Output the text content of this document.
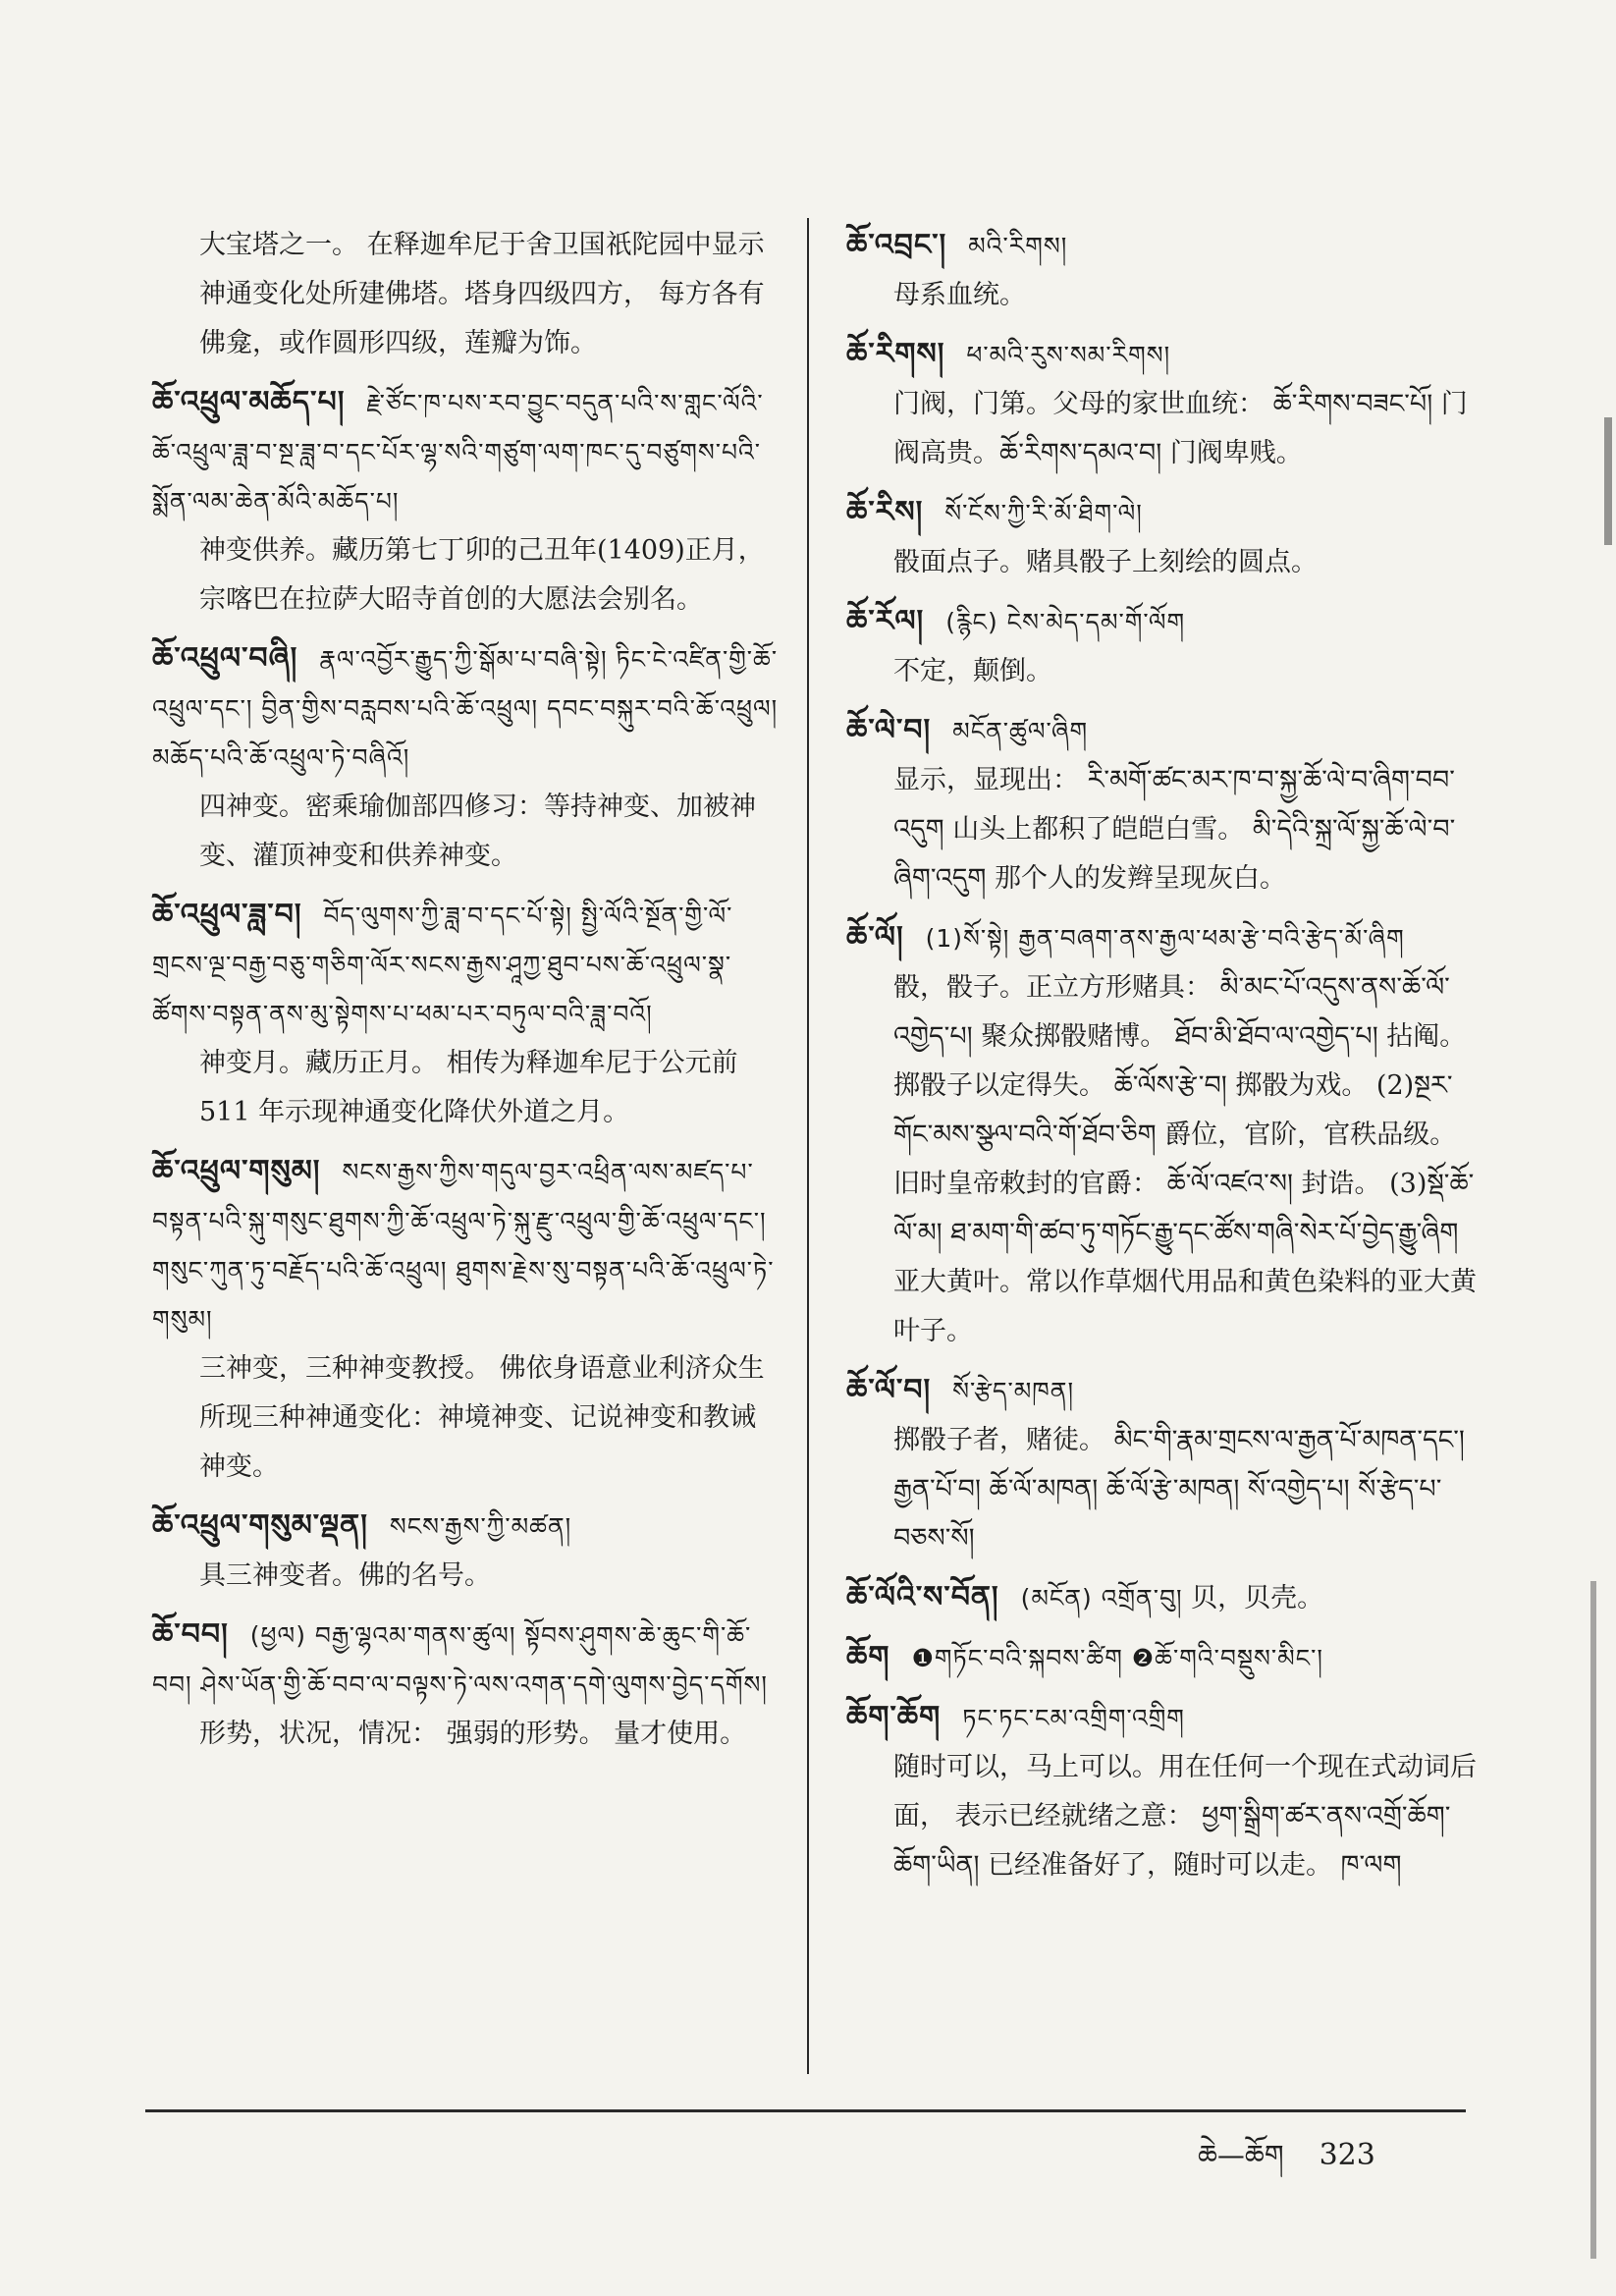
大宝塔之一。 在释迦牟尼于舍卫国祇陀园中显示神通变化处所建佛塔。塔身四级四方， 每方各有佛龛，或作圆形四级，莲瓣为饰。

ཆོ་འཕྲུལ་མཆོད་པ། རྗེ་ཙོང་ཁ་པས་རབ་བྱུང་བདུན་པའི་ས་གླང་ལོའི་ཆོ་འཕྲུལ་ཟླ་བ་སྔ་ཟླ་བ་དང་པོར་ལྷ་སའི་གཙུག་ལག་ཁང་དུ་བཙུགས་པའི་སྨོན་ལམ་ཆེན་མོའི་མཆོད་པ།
神变供养。藏历第七丁卯的己丑年(1409)正月， 宗喀巴在拉萨大昭寺首创的大愿法会别名。
ཆོ་འཕྲུལ་བཞི། རྣལ་འབྱོར་རྒྱུད་ཀྱི་སྒོམ་པ་བཞི་སྟེ། ཏིང་ངེ་འཛིན་གྱི་ཆོ་འཕྲུལ་དང་། བྱིན་གྱིས་བརླབས་པའི་ཆོ་འཕྲུལ། དབང་བསྐུར་བའི་ཆོ་འཕྲུལ། མཆོད་པའི་ཆོ་འཕྲུལ་ཏེ་བཞིའོ།
四神变。密乘瑜伽部四修习：等持神变、加被神变、灌顶神变和供养神变。
ཆོ་འཕྲུལ་ཟླ་བ། བོད་ལུགས་ཀྱི་ཟླ་བ་དང་པོ་སྟེ། སྤྱི་ལོའི་སྔོན་གྱི་ལོ་གྲངས་ལྔ་བརྒྱ་བཅུ་གཅིག་ལོར་སངས་རྒྱས་ཤཱཀྱ་ཐུབ་པས་ཆོ་འཕྲུལ་སྣ་ཚོགས་བསྟན་ནས་མུ་སྟེགས་པ་ཕམ་པར་བཏུལ་བའི་ཟླ་བའོ།
神变月。藏历正月。 相传为释迦牟尼于公元前511 年示现神通变化降伏外道之月。
ཆོ་འཕྲུལ་གསུམ། སངས་རྒྱས་ཀྱིས་གདུལ་བྱར་འཕྲིན་ལས་མཛད་པ་བསྟན་པའི་སྐུ་གསུང་ཐུགས་ཀྱི་ཆོ་འཕྲུལ་ཏེ་སྐུ་རྫུ་འཕྲུལ་གྱི་ཆོ་འཕྲུལ་དང་། གསུང་ཀུན་ཏུ་བརྗོད་པའི་ཆོ་འཕྲུལ། ཐུགས་རྗེས་སུ་བསྟན་པའི་ཆོ་འཕྲུལ་ཏེ་གསུམ།
三神变，三种神变教授。 佛依身语意业利济众生所现三种神通变化：神境神变、记说神变和教诫神变。
ཆོ་འཕྲུལ་གསུམ་ལྡན། སངས་རྒྱས་ཀྱི་མཚན།
具三神变者。佛的名号。
ཆོ་བབ། (ཕྱལ) བརྒྱ་ལྷའམ་གནས་ཚུལ། སྟོབས་ཤུགས་ཆེ་ཆུང་གི་ཆོ་བབ། ཤེས་ཡོན་གྱི་ཆོ་བབ་ལ་བལྟས་ཏེ་ལས་འགན་དགེ་ལུགས་བྱེད་དགོས།
形势，状况，情况： 强弱的形势。 量才使用。
ཆོ་འབྲང་། མའི་རིགས།
母系血统。
ཆོ་རིགས། ཕ་མའི་རུས་སམ་རིགས།
门阀，门第。父母的家世血统： ཆོ་རིགས་བཟང་པོ། 门阀高贵。ཆོ་རིགས་དམའ་བ། 门阀卑贱。
ཆོ་རིས། སོ་ངོས་ཀྱི་རི་མོ་ཐིག་ལེ།
骰面点子。赌具骰子上刻绘的圆点。
ཆོ་རོལ། (རྙིང) ངེས་མེད་དམ་གོ་ལོག
不定，颠倒。
ཆོ་ལེ་བ། མངོན་ཚུལ་ཞིག
显示，显现出： རི་མགོ་ཚང་མར་ཁ་བ་སྐྱ་ཆོ་ལེ་བ་ཞིག་བབ་འདུག 山头上都积了皑皑白雪。 མི་དེའི་སྐྲ་ལོ་སྐྱ་ཆོ་ལེ་བ་ཞིག་འདུག 那个人的发辫呈现灰白。
ཆོ་ལོ། (1)སོ་སྟེ། རྒྱན་བཞག་ནས་རྒྱལ་ཕམ་རྩེ་བའི་རྩེད་མོ་ཞིག
骰，骰子。正立方形赌具： མི་མང་པོ་འདུས་ནས་ཆོ་ལོ་འགྱེད་པ། 聚众掷骰赌博。 ཐོབ་མི་ཐོབ་ལ་འགྱེད་པ། 拈阄。掷骰子以定得失。 ཆོ་ལོས་རྩེ་བ། 掷骰为戏。 (2)སྔར་གོང་མས་སྩལ་བའི་གོ་ཐོབ་ཅིག 爵位，官阶，官秩品级。 旧时皇帝敕封的官爵： ཆོ་ལོ་འཛའ་ས། 封诰。 (3)སྡོ་ཆོ་ལོ་མ། ཐ་མག་གི་ཚབ་ཏུ་གཏོང་རྒྱུ་དང་ཚོས་གཞི་སེར་པོ་བྱེད་རྒྱུ་ཞིག 亚大黄叶。常以作草烟代用品和黄色染料的亚大黄叶子。
ཆོ་ལོ་བ། སོ་རྩེད་མཁན།
掷骰子者，赌徒。 མིང་གི་རྣམ་གྲངས་ལ་རྒྱན་པོ་མཁན་དང་། རྒྱན་པོ་བ། ཆོ་ལོ་མཁན། ཆོ་ལོ་རྩེ་མཁན། སོ་འགྱེད་པ། སོ་རྩེད་པ་བཅས་སོ།
ཆོ་ལོའི་ས་བོན། (མངོན) འགྲོན་བུ། 贝，贝壳。
ཆོག ❶གཏོང་བའི་སྐབས་ཚིག ❷ཆོ་གའི་བསྡུས་མིང་།
ཆོག་ཆོག ཏང་ཏང་ངམ་འགྲིག་འགྲིག
随时可以，马上可以。用在任何一个现在式动词后面， 表示已经就绪之意： ཕྱག་སྒྲིག་ཚར་ནས་འགྲོ་ཆོག་ཆོག་ཡིན། 已经准备好了，随时可以走。 ཁ་ལག
ཆེ—ཆོག 323
